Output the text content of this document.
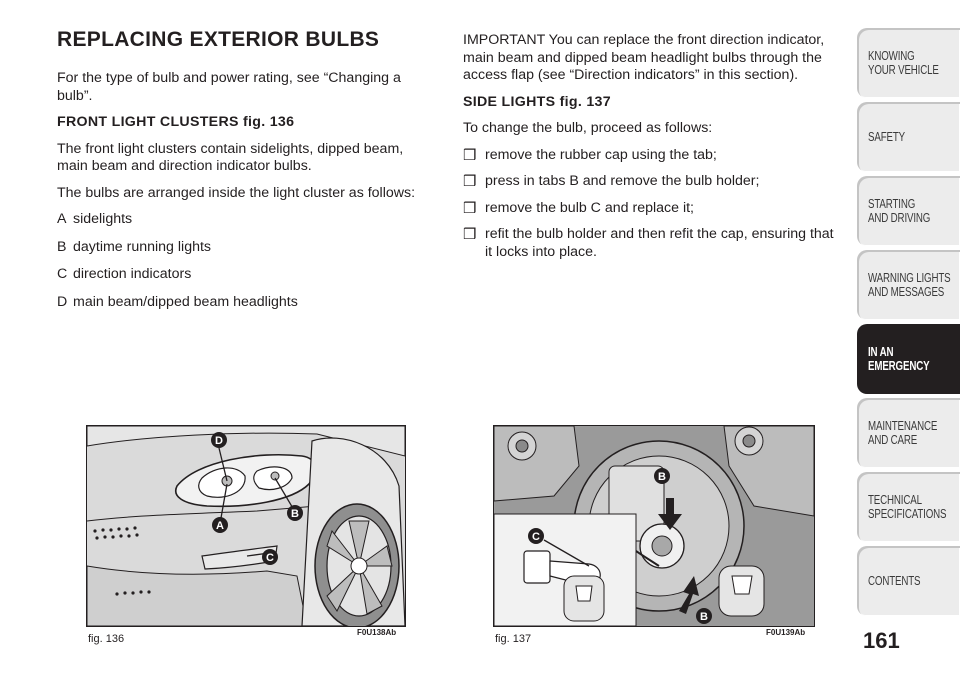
REPLACING EXTERIOR BULBS

For the type of bulb and power rating, see “Changing a bulb”.

FRONT LIGHT CLUSTERS fig. 136

The front light clusters contain sidelights, dipped beam, main beam and direction indicator bulbs.

The bulbs are arranged inside the light cluster as follows:

A sidelights
B daytime running lights
C direction indicators
D main beam/dipped beam headlights

IMPORTANT You can replace the front direction indicator, main beam and dipped beam headlight bulbs through the access flap (see “Direction indicators” in this section).

SIDE LIGHTS fig. 137

To change the bulb, proceed as follows:

❒ remove the rubber cap using the tab;
❒ press in tabs B and remove the bulb holder;
❒ remove the bulb C and replace it;
❒ refit the bulb holder and then refit the cap, ensuring that it locks into place.
D
A
B
C
fig. 136
F0U138Ab
B
C
B
fig. 137
F0U139Ab
KNOWING
YOUR VEHICLE
SAFETY
STARTING
AND DRIVING
WARNING LIGHTS
AND MESSAGES
IN AN
EMERGENCY
MAINTENANCE
AND CARE
TECHNICAL
SPECIFICATIONS
CONTENTS
161
